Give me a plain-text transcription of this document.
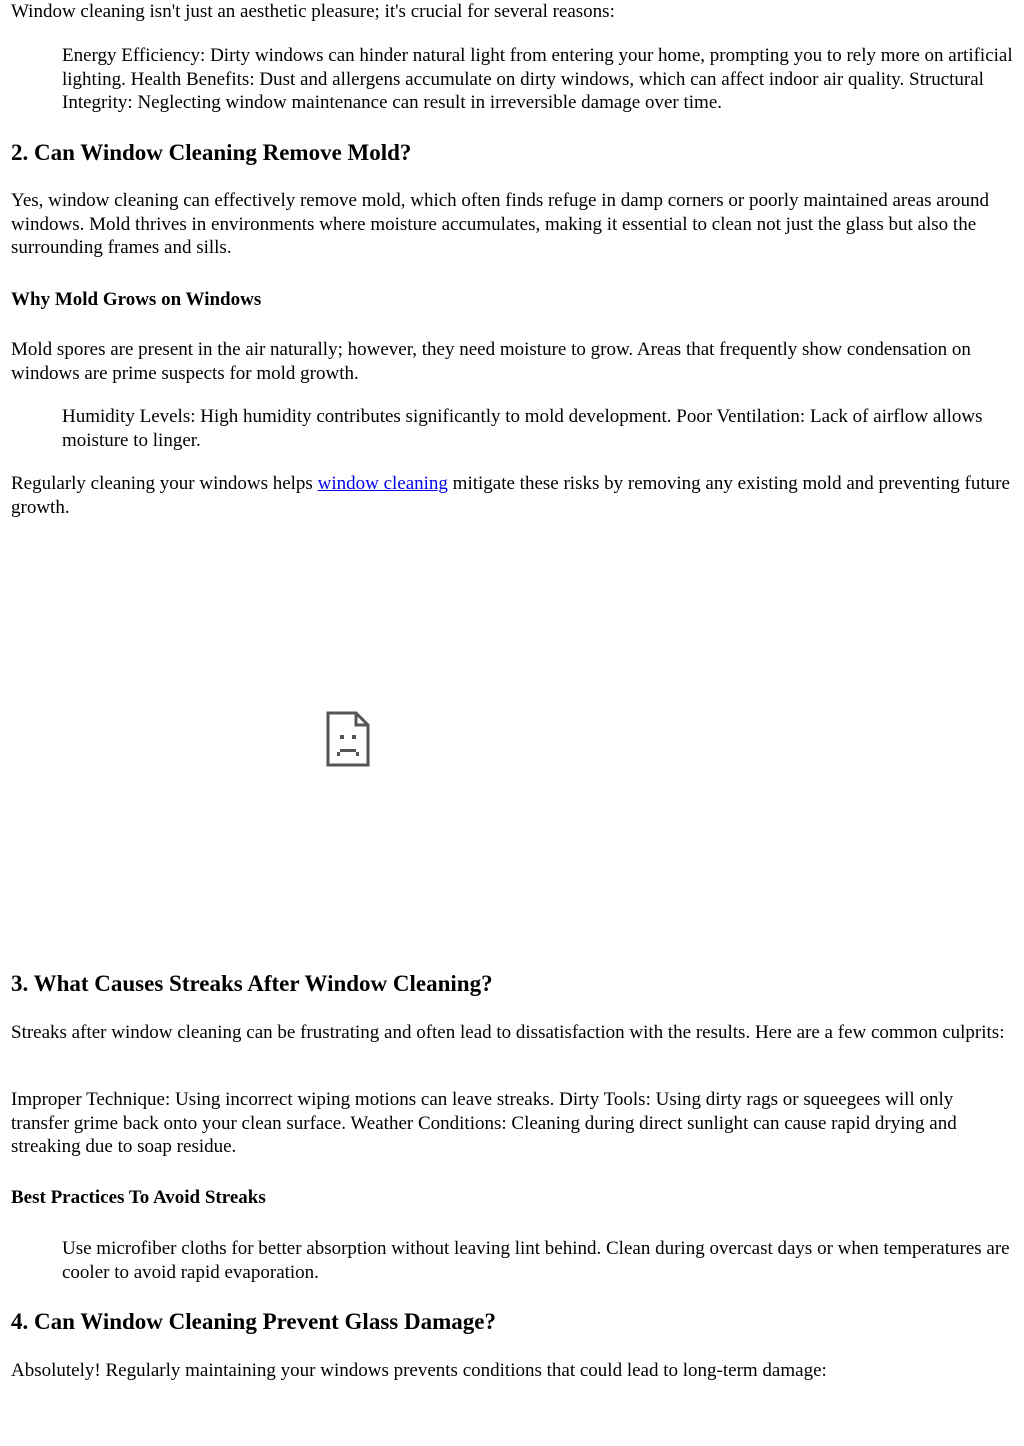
Window cleaning isn't just an aesthetic pleasure; it's crucial for several reasons:

Energy Efficiency: Dirty windows can hinder natural light from entering your home, prompting you to rely more on artificial lighting. Health Benefits: Dust and allergens accumulate on dirty windows, which can affect indoor air quality. Structural Integrity: Neglecting window maintenance can result in irreversible damage over time.

2. Can Window Cleaning Remove Mold?

Yes, window cleaning can effectively remove mold, which often finds refuge in damp corners or poorly maintained areas around windows. Mold thrives in environments where moisture accumulates, making it essential to clean not just the glass but also the surrounding frames and sills.

Why Mold Grows on Windows

Mold spores are present in the air naturally; however, they need moisture to grow. Areas that frequently show condensation on windows are prime suspects for mold growth.

Humidity Levels: High humidity contributes significantly to mold development. Poor Ventilation: Lack of airflow allows moisture to linger.

Regularly cleaning your windows helps window cleaning mitigate these risks by removing any existing mold and preventing future growth.

3. What Causes Streaks After Window Cleaning?

Streaks after window cleaning can be frustrating and often lead to dissatisfaction with the results. Here are a few common culprits:

Improper Technique: Using incorrect wiping motions can leave streaks. Dirty Tools: Using dirty rags or squeegees will only transfer grime back onto your clean surface. Weather Conditions: Cleaning during direct sunlight can cause rapid drying and streaking due to soap residue.

Best Practices To Avoid Streaks

Use microfiber cloths for better absorption without leaving lint behind. Clean during overcast days or when temperatures are cooler to avoid rapid evaporation.

4. Can Window Cleaning Prevent Glass Damage?

Absolutely! Regularly maintaining your windows prevents conditions that could lead to long-term damage:
